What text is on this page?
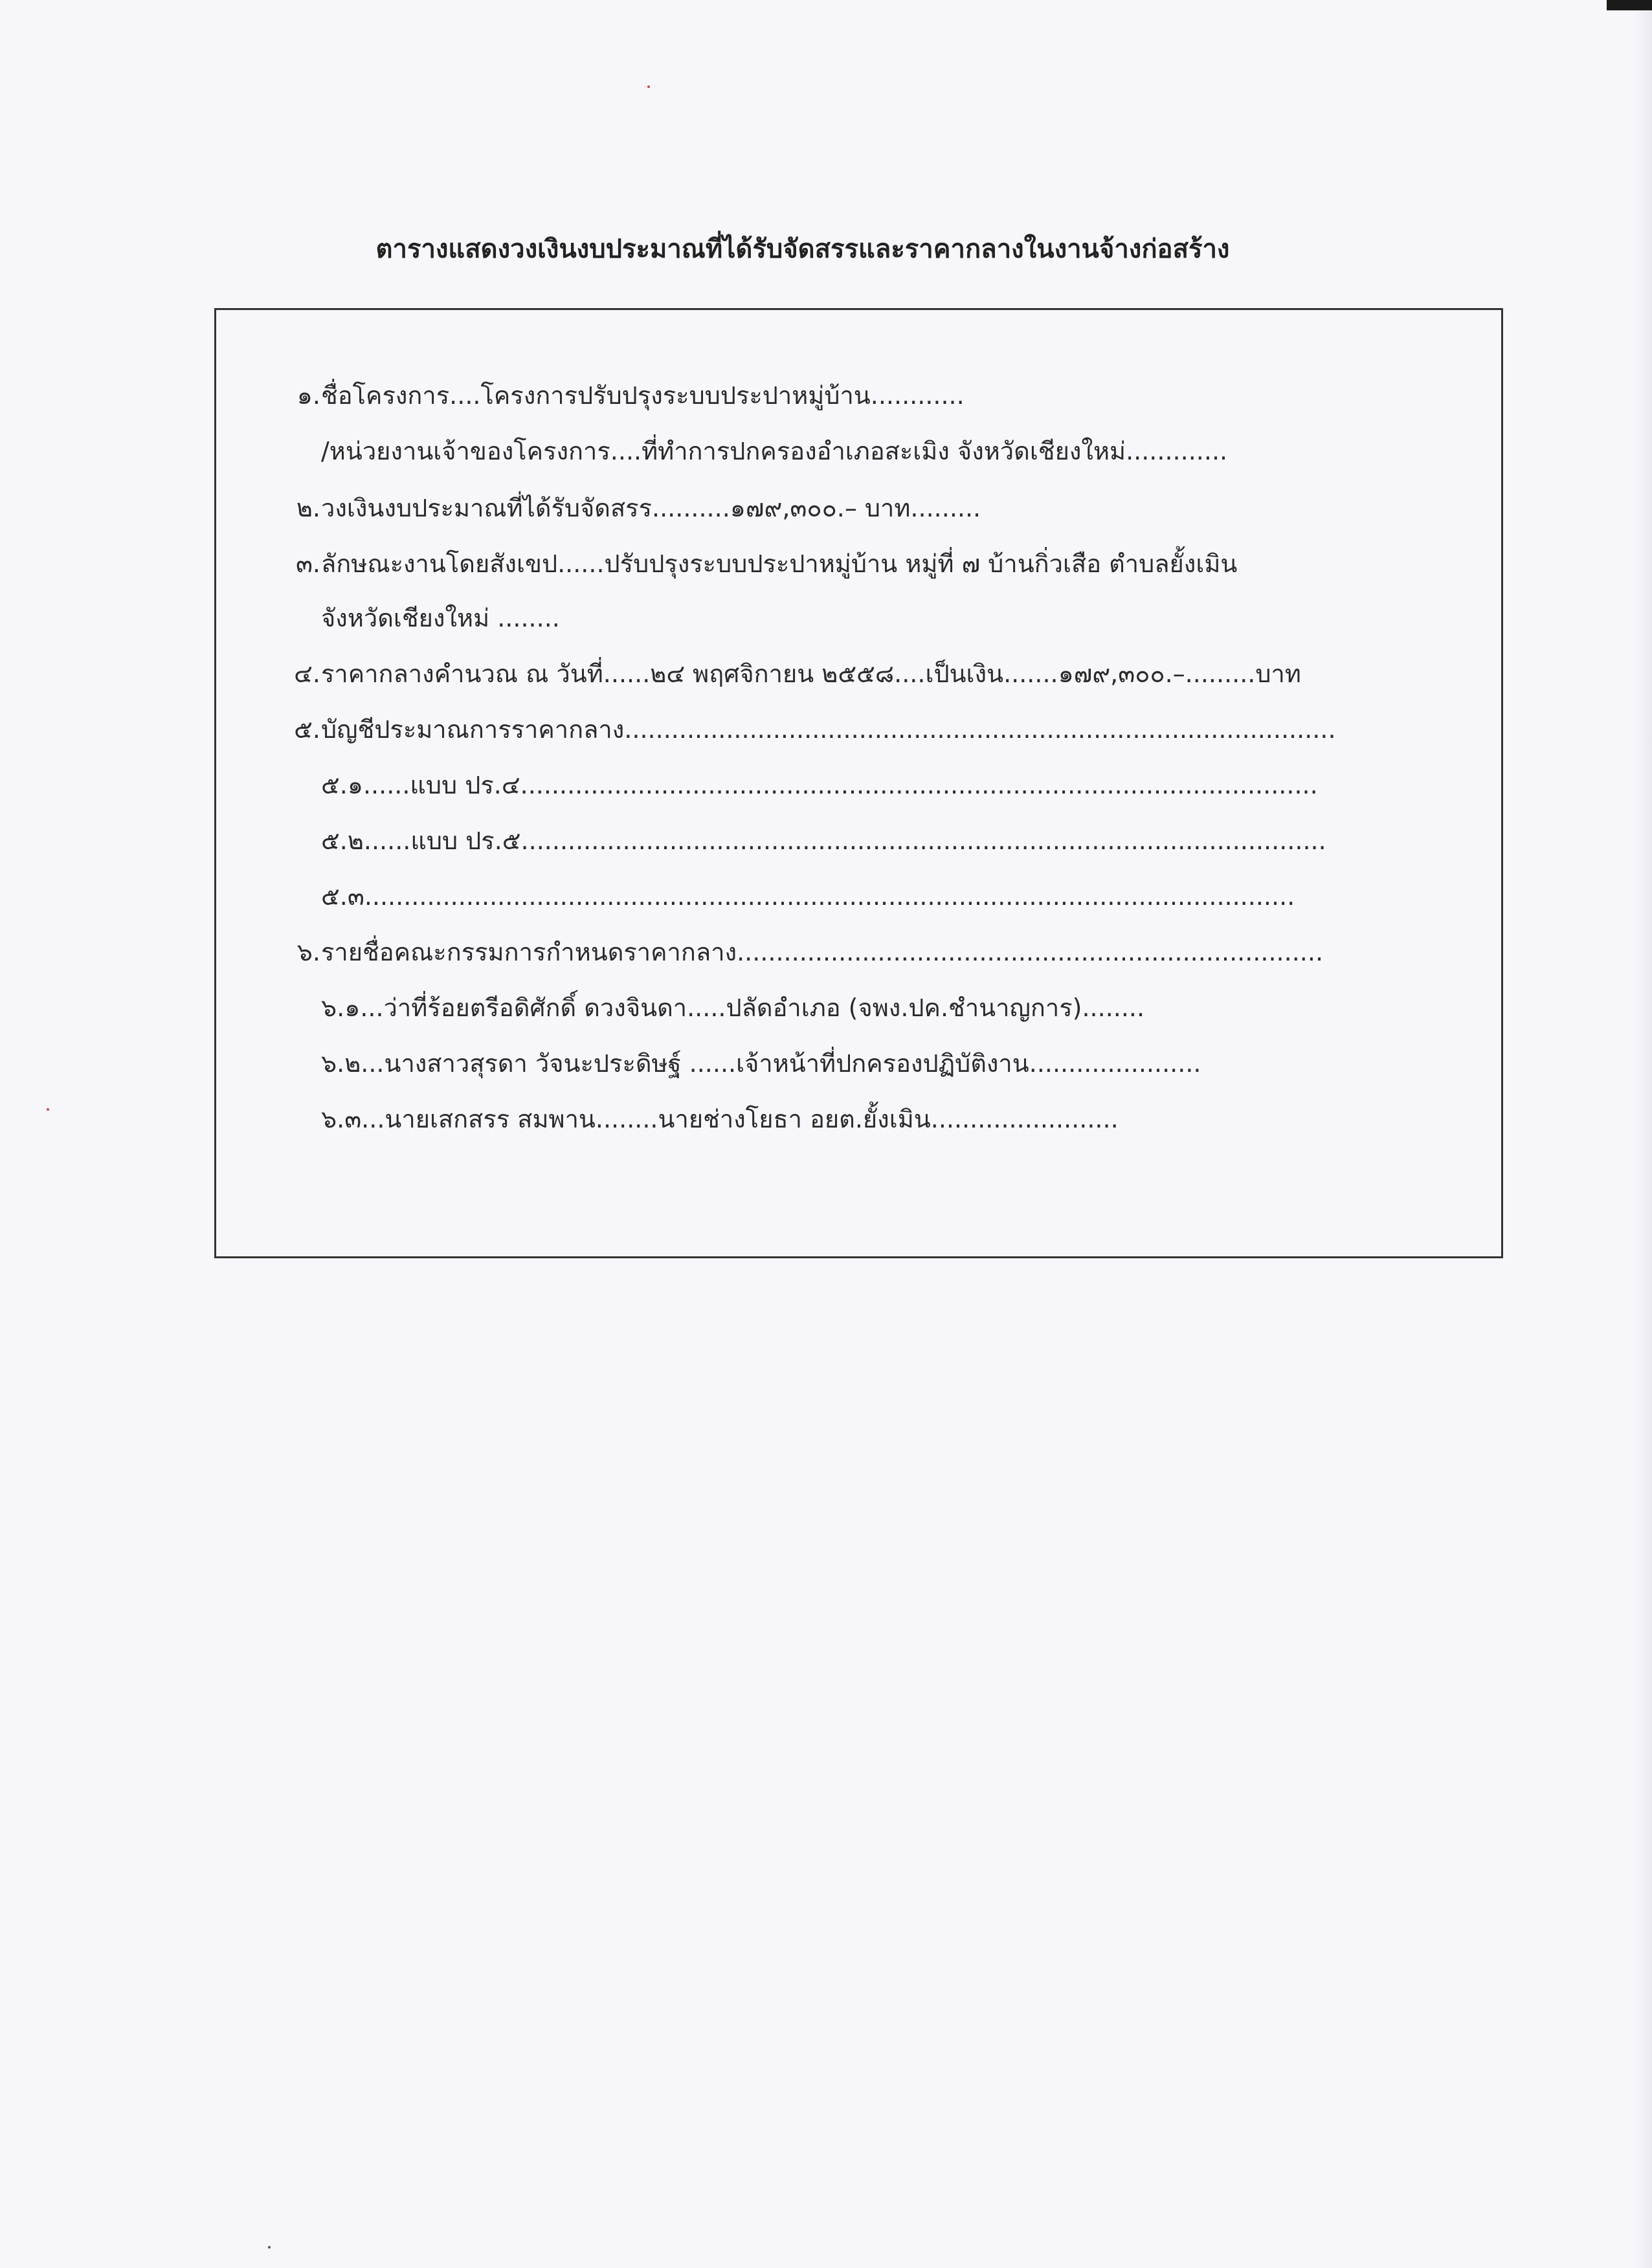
ตารางแสดงวงเงินงบประมาณที่ได้รับจัดสรรและราคากลางในงานจ้างก่อสร้าง
๑. ชื่อโครงการ....โครงการปรับปรุงระบบประปาหมู่บ้าน............
/หน่วยงานเจ้าของโครงการ....ที่ทำการปกครองอำเภอสะเมิง จังหวัดเชียงใหม่.............
๒. วงเงินงบประมาณที่ได้รับจัดสรร..........๑๗๙,๓๐๐.– บาท.........
๓. ลักษณะงานโดยสังเขป......ปรับปรุงระบบประปาหมู่บ้าน หมู่ที่ ๗ บ้านกิ่วเสือ ตำบลยั้งเมิน
จังหวัดเชียงใหม่ ........
๔. ราคากลางคำนวณ ณ วันที่......๒๔ พฤศจิกายน ๒๕๕๘....เป็นเงิน.......๑๗๙,๓๐๐.–.........บาท
๕. บัญชีประมาณการราคากลาง...........................................................................................
๕.๑......แบบ ปร.๔......................................................................................................
๕.๒......แบบ ปร.๕.......................................................................................................
๕.๓.......................................................................................................................
๖. รายชื่อคณะกรรมการกำหนดราคากลาง...........................................................................
๖.๑...ว่าที่ร้อยตรีอดิศักดิ์ ดวงจินดา.....ปลัดอำเภอ (จพง.ปค.ชำนาญการ)........
๖.๒...นางสาวสุรดา วัจนะประดิษฐ์ ......เจ้าหน้าที่ปกครองปฏิบัติงาน......................
๖.๓...นายเสกสรร สมพาน........นายช่างโยธา อยต.ยั้งเมิน........................
